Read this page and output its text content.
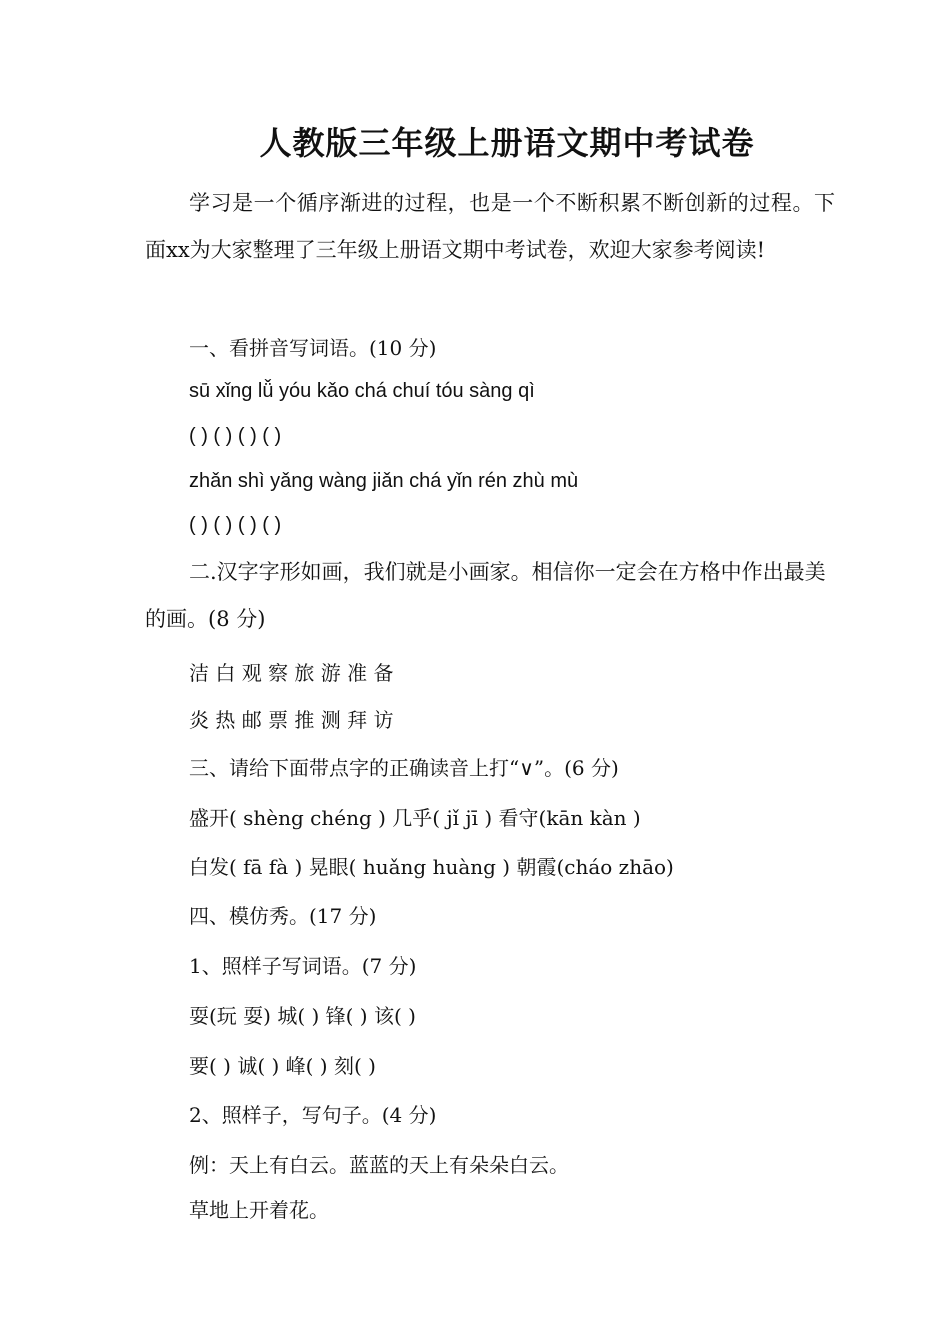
人教版三年级上册语文期中考试卷
学习是一个循序渐进的过程，也是一个不断积累不断创新的过程。下面xx为大家整理了三年级上册语文期中考试卷，欢迎大家参考阅读!
一、看拼音写词语。(10 分)
sū xǐng lǚ yóu kǎo chá chuí tóu sàng qì
( ) ( ) ( ) ( )
zhǎn shì yǎng wàng jiǎn chá yǐn rén zhù mù
( ) ( ) ( ) ( )
二.汉字字形如画，我们就是小画家。相信你一定会在方格中作出最美的画。(8 分)
洁 白 观 察 旅 游 准 备
炎 热 邮 票 推 测 拜 访
三、请给下面带点字的正确读音上打“∨”。(6 分)
盛开( shèng chéng ) 几乎( jǐ jī ) 看守(kān kàn )
白发( fā fà ) 晃眼( huǎng huàng ) 朝霞(cháo zhāo)
四、模仿秀。(17 分)
1、照样子写词语。(7 分)
耍(玩 耍) 城( ) 锋( ) 该( )
要( ) 诚( ) 峰( ) 刻( )
2、照样子，写句子。(4 分)
例：天上有白云。蓝蓝的天上有朵朵白云。
草地上开着花。
